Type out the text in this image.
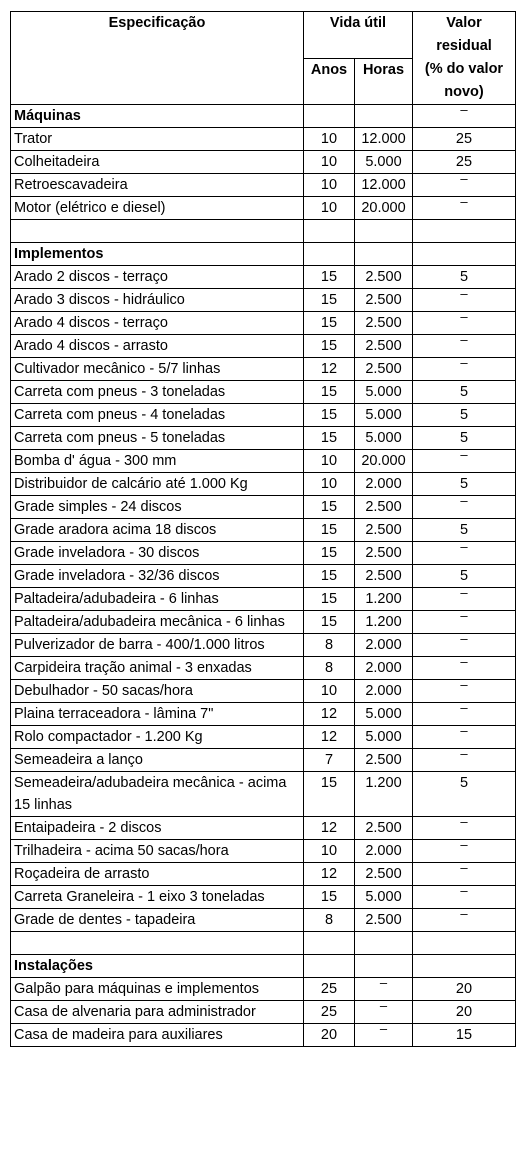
Especificação	Vida útil		Valor
residual
(% do valor
novo)
	Anos	Horas	
Máquinas			–
Trator	10	12.000	25
Colheitadeira	10	5.000	25
Retroescavadeira	10	12.000	–
Motor (elétrico e diesel)	10	20.000	–

Implementos			
Arado 2 discos - terraço	15	2.500	5
Arado 3 discos - hidráulico	15	2.500	–
Arado 4 discos - terraço	15	2.500	–
Arado 4 discos - arrasto	15	2.500	–
Cultivador mecânico - 5/7 linhas	12	2.500	–
Carreta com pneus - 3 toneladas	15	5.000	5
Carreta com pneus - 4 toneladas	15	5.000	5
Carreta com pneus - 5 toneladas	15	5.000	5
Bomba d' água - 300 mm	10	20.000	–
Distribuidor de calcário até 1.000 Kg	10	2.000	5
Grade simples - 24 discos	15	2.500	–
Grade aradora acima 18 discos	15	2.500	5
Grade inveladora - 30 discos	15	2.500	–
Grade inveladora - 32/36 discos	15	2.500	5
Paltadeira/adubadeira - 6 linhas	15	1.200	–
Paltadeira/adubadeira mecânica - 6 linhas	15	1.200	–
Pulverizador de barra - 400/1.000 litros	8	2.000	–
Carpideira tração animal - 3 enxadas	8	2.000	–
Debulhador - 50 sacas/hora	10	2.000	–
Plaina terraceadora - lâmina 7"	12	5.000	–
Rolo compactador - 1.200 Kg	12	5.000	–
Semeadeira a lanço	7	2.500	–
Semeadeira/adubadeira mecânica - acima 15 linhas	15	1.200	5
Entaipadeira - 2 discos	12	2.500	–
Trilhadeira - acima 50 sacas/hora	10	2.000	–
Roçadeira de arrasto	12	2.500	–
Carreta Graneleira - 1 eixo 3 toneladas	15	5.000	–
Grade de dentes - tapadeira	8	2.500	–

Instalações			
Galpão para máquinas e implementos	25	–	20
Casa de alvenaria para administrador	25	–	20
Casa de madeira para auxiliares	20	–	15
